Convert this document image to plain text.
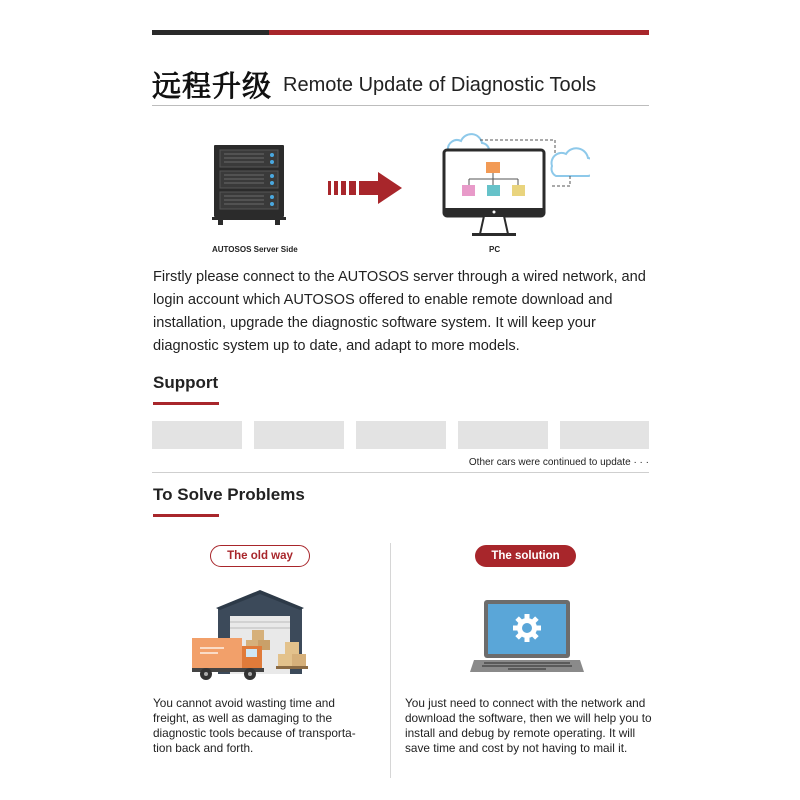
远程升级 Remote Update of Diagnostic Tools
AUTOSOS Server Side	PC
Firstly please connect to the AUTOSOS server through a wired network, and login account which AUTOSOS offered to enable remote download and installation, upgrade the diagnostic software system. It will keep your diagnostic system up to date, and adapt to more models.
Support
Other cars were continued to update · · ·
To Solve Problems
The old way	The solution
You cannot avoid wasting time and freight, as well as damaging to the diagnostic tools because of transporta-tion back and forth.
You just need to connect with the network and download the software, then we will help you to install and debug by remote operating. It will save time and cost by not having to mail it.
